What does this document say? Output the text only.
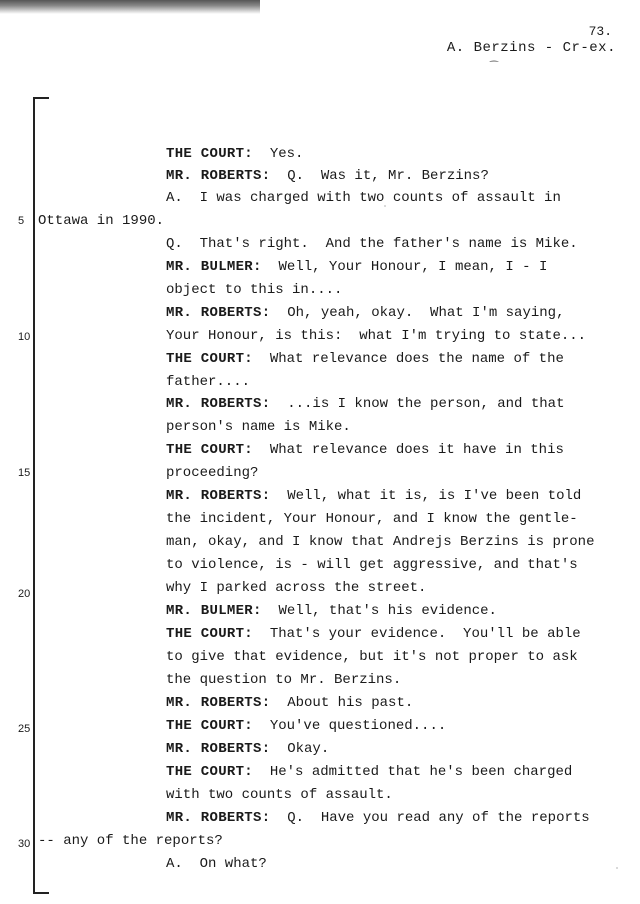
73.
A. Berzins - Cr-ex.
⁀
˙
˙
5
10
15
20
25
30
THE COURT:  Yes.
MR. ROBERTS:  Q.  Was it, Mr. Berzins?
A.  I was charged with two counts of assault in
Ottawa in 1990.
Q.  That's right.  And the father's name is Mike.
MR. BULMER:  Well, Your Honour, I mean, I - I
object to this in....
MR. ROBERTS:  Oh, yeah, okay.  What I'm saying,
Your Honour, is this:  what I'm trying to state...
THE COURT:  What relevance does the name of the
father....
MR. ROBERTS:  ...is I know the person, and that
person's name is Mike.
THE COURT:  What relevance does it have in this
proceeding?
MR. ROBERTS:  Well, what it is, is I've been told
the incident, Your Honour, and I know the gentle-
man, okay, and I know that Andrejs Berzins is prone
to violence, is - will get aggressive, and that's
why I parked across the street.
MR. BULMER:  Well, that's his evidence.
THE COURT:  That's your evidence.  You'll be able
to give that evidence, but it's not proper to ask
the question to Mr. Berzins.
MR. ROBERTS:  About his past.
THE COURT:  You've questioned....
MR. ROBERTS:  Okay.
THE COURT:  He's admitted that he's been charged
with two counts of assault.
MR. ROBERTS:  Q.  Have you read any of the reports
-- any of the reports?
A.  On what?
